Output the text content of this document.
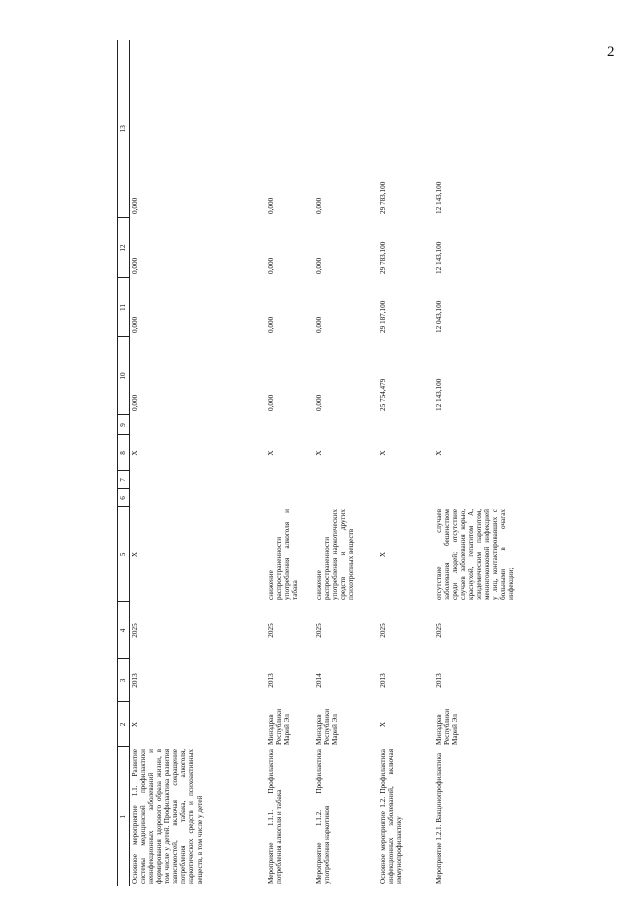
2
1	2	3	4	5	6	7	8	9	10	11	12	13
Основное мероприятие 1.1. Развитие системы медицинской профилактики неинфекционных заболеваний и формирования здорового образа жизни, в том числе у детей. Профилактика развития зависимостей, включая сокращение потребления табака, алкоголя, наркотических средств и психоактивных веществ, в том числе у детей	X	2013	2025	X			X		0,000	0,000	0,000	0,000
Мероприятие 1.1.1. Профилактика потребления алкоголя и табака	Минздрав Республики Марий Эл	2013	2025	снижение распространенности употребления алкоголя и табака			X		0,000	0,000	0,000	0,000
Мероприятие 1.1.2. Профилактика употребления наркотиков	Минздрав Республики Марий Эл	2014	2025	снижение распространенности употребления наркотических средств и других психотропных веществ			X		0,000	0,000	0,000	0,000
Основное мероприятие 1.2. Профилактика инфекционных заболеваний, включая иммунопрофилактику	X	2013	2025	X			X		25 754,479	29 187,100	29 783,100	29 783,100
Мероприятие 1.2.1. Вакцинопрофилактика	Минздрав Республики Марий Эл	2013	2025	отсутствие случаев заболевания бешенством среди людей; отсутствие случаев заболевания корью, краснухой, гепатитом А, эпидемическим паротитом, менингококковой инфекцией у лиц, контактировавших с больными в очагах инфекции;			X		12 143,100	12 043,100	12 143,100	12 143,100
